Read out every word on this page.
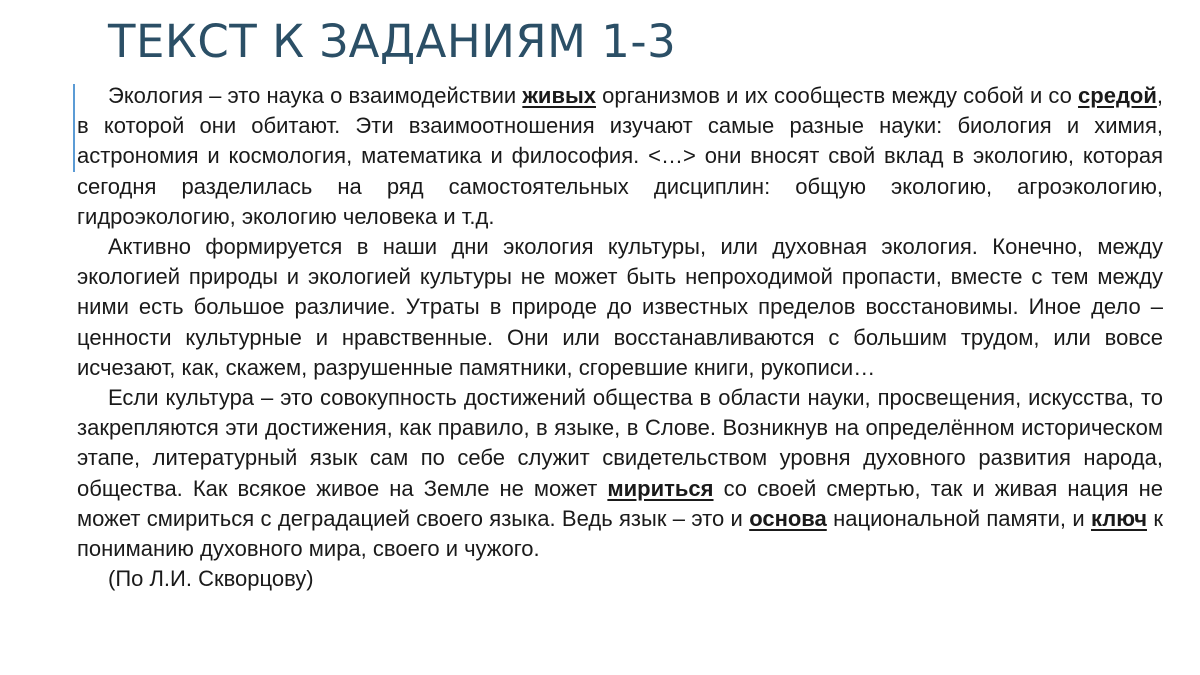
ТЕКСТ К ЗАДАНИЯМ 1-3

Экология – это наука о взаимодействии живых организмов и их сообществ между собой и со средой, в которой они обитают. Эти взаимоотношения изучают самые разные науки: биология и химия, астрономия и космология, математика и философия. <…> они вносят свой вклад в экологию, которая сегодня разделилась на ряд самостоятельных дисциплин: общую экологию, агроэкологию, гидроэкологию, экологию человека и т.д.

Активно формируется в наши дни экология культуры, или духовная экология. Конечно, между экологией природы и экологией культуры не может быть непроходимой пропасти, вместе с тем между ними есть большое различие. Утраты в природе до известных пределов восстановимы. Иное дело – ценности культурные и нравственные. Они или восстанавливаются с большим трудом, или вовсе исчезают, как, скажем, разрушенные памятники, сгоревшие книги, рукописи…

Если культура – это совокупность достижений общества в области науки, просвещения, искусства, то закрепляются эти достижения, как правило, в языке, в Слове. Возникнув на определённом историческом этапе, литературный язык сам по себе служит свидетельством уровня духовного развития народа, общества. Как всякое живое на Земле не может мириться со своей смертью, так и живая нация не может смириться с деградацией своего языка. Ведь язык – это и основа национальной памяти, и ключ к пониманию духовного мира, своего и чужого.

(По Л.И. Скворцову)
